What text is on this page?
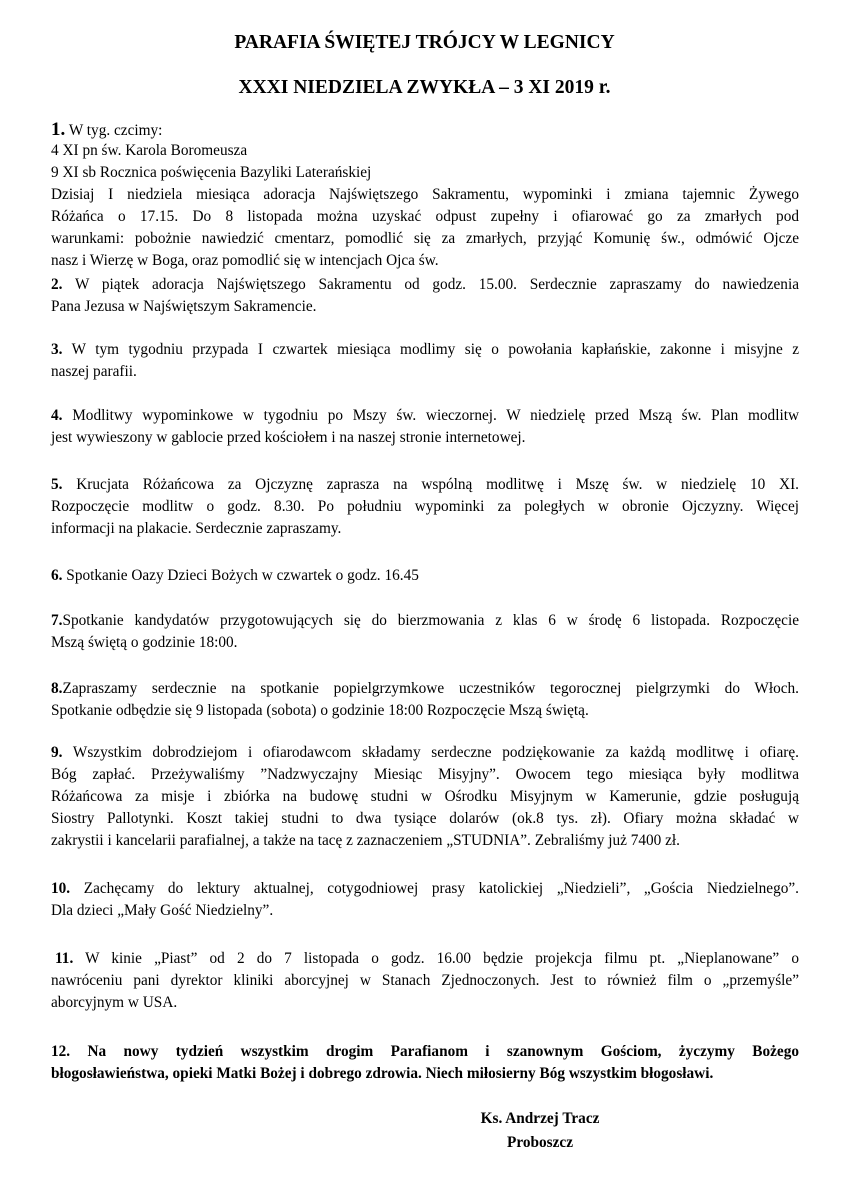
PARAFIA ŚWIĘTEJ TRÓJCY W LEGNICY
XXXI NIEDZIELA ZWYKŁA – 3 XI 2019 r.
1. W tyg. czcimy:
4 XI pn św. Karola Boromeusza
9 XI sb Rocznica poświęcenia Bazyliki Laterańskiej
Dzisiaj I niedziela miesiąca adoracja Najświętszego Sakramentu, wypominki i zmiana tajemnic Żywego
Różańca o 17.15. Do 8 listopada można uzyskać odpust zupełny i ofiarować go za zmarłych pod
warunkami: pobożnie nawiedzić cmentarz, pomodlić się za zmarłych, przyjąć Komunię św., odmówić Ojcze
nasz i Wierzę w Boga, oraz pomodlić się w intencjach Ojca św.
2. W piątek adoracja Najświętszego Sakramentu od godz. 15.00. Serdecznie zapraszamy do nawiedzenia
Pana Jezusa w Najświętszym Sakramencie.
3. W tym tygodniu przypada I czwartek miesiąca modlimy się o powołania kapłańskie, zakonne i misyjne z
naszej parafii.
4. Modlitwy wypominkowe w tygodniu po Mszy św. wieczornej. W niedzielę przed Mszą św. Plan modlitw
jest wywieszony w gablocie przed kościołem i na naszej stronie internetowej.
5. Krucjata Różańcowa za Ojczyznę zaprasza na wspólną modlitwę i Mszę św. w niedzielę 10 XI.
Rozpoczęcie modlitw o godz. 8.30. Po południu wypominki za poległych w obronie Ojczyzny. Więcej
informacji na plakacie. Serdecznie zapraszamy.
6. Spotkanie Oazy Dzieci Bożych w czwartek o godz. 16.45
7.Spotkanie kandydatów przygotowujących się do bierzmowania z klas 6 w środę 6 listopada. Rozpoczęcie
Mszą świętą o godzinie 18:00.
8.Zapraszamy serdecznie na spotkanie popielgrzymkowe uczestników tegorocznej pielgrzymki do Włoch.
Spotkanie odbędzie się 9 listopada (sobota) o godzinie 18:00 Rozpoczęcie Mszą świętą.
9. Wszystkim dobrodziejom i ofiarodawcom składamy serdeczne podziękowanie za każdą modlitwę i ofiarę.
Bóg zapłać. Przeżywaliśmy ”Nadzwyczajny Miesiąc Misyjny”. Owocem tego miesiąca były modlitwa
Różańcowa za misje i zbiórka na budowę studni w Ośrodku Misyjnym w Kamerunie, gdzie posługują
Siostry Pallotynki. Koszt takiej studni to dwa tysiące dolarów (ok.8 tys. zł). Ofiary można składać w
zakrystii i kancelarii parafialnej, a także na tacę z zaznaczeniem „STUDNIA”. Zebraliśmy już 7400 zł.
10. Zachęcamy do lektury aktualnej, cotygodniowej prasy katolickiej „Niedzieli”, „Gościa Niedzielnego”.
Dla dzieci „Mały Gość Niedzielny”.
11. W kinie „Piast” od 2 do 7 listopada o godz. 16.00 będzie projekcja filmu pt. „Nieplanowane” o
nawróceniu pani dyrektor kliniki aborcyjnej w Stanach Zjednoczonych. Jest to również film o „przemyśle”
aborcyjnym w USA.
12. Na nowy tydzień wszystkim drogim Parafianom i szanownym Gościom, życzymy Bożego
błogosławieństwa, opieki Matki Bożej i dobrego zdrowia. Niech miłosierny Bóg wszystkim błogosławi.
Ks. Andrzej Tracz
Proboszcz
